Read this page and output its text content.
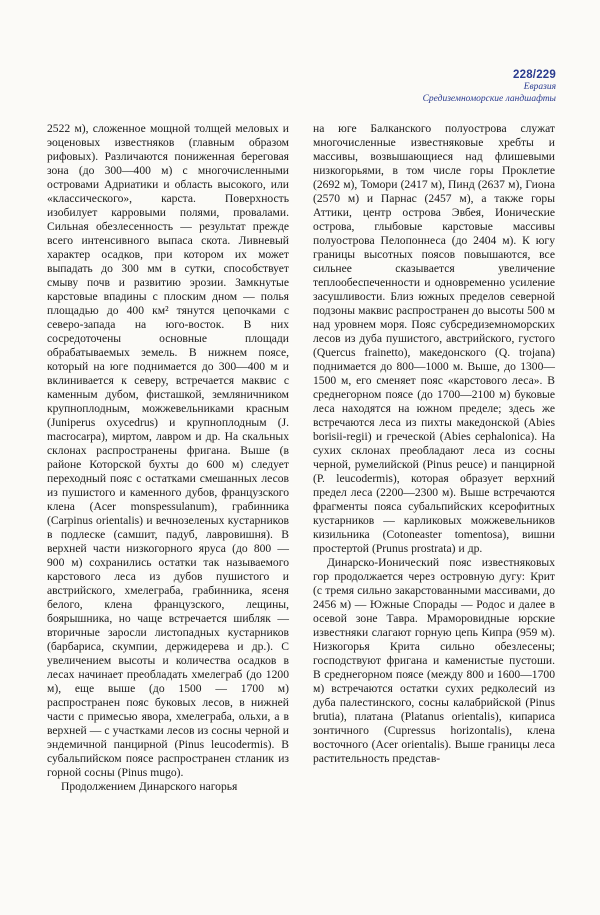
228/229
Евразия
Средиземноморские ландшафты

2522 м), сложенное мощной толщей меловых и эоценовых известняков (главным образом рифовых). Различаются пониженная береговая зона (до 300—400 м) с многочисленными островами Адриатики и область высокого, или «классического», карста. Поверхность изобилует карровыми полями, провалами. Сильная обезлесенность — результат прежде всего интенсивного выпаса скота. Ливневый характер осадков, при котором их может выпадать до 300 мм в сутки, способствует смыву почв и развитию эрозии. Замкнутые карстовые впадины с плоским дном — полья площадью до 400 км² тянутся цепочками с северо-запада на юго-восток. В них сосредоточены основные площади обрабатываемых земель. В нижнем поясе, который на юге поднимается до 300—400 м и вклинивается к северу, встречается маквис с каменным дубом, фисташкой, земляничником крупноплодным, можжевельниками красным (Juniperus oxycedrus) и крупноплодным (J. macrocarpa), миртом, лавром и др. На скальных склонах распространены фригана. Выше (в районе Которской бухты до 600 м) следует переходный пояс с остатками смешанных лесов из пушистого и каменного дубов, французского клена (Acer monspessulanum), грабинника (Carpinus orientalis) и вечнозеленых кустарников в подлеске (самшит, падуб, лавровишня). В верхней части низкогорного яруса (до 800 — 900 м) сохранились остатки так называемого карстового леса из дубов пушистого и австрийского, хмелеграба, грабинника, ясеня белого, клена французского, лещины, боярышника, но чаще встречается шибляк — вторичные заросли листопадных кустарников (барбариса, скумпии, держидерева и др.). С увеличением высоты и количества осадков в лесах начинает преобладать хмелеграб (до 1200 м), еще выше (до 1500 — 1700 м) распространен пояс буковых лесов, в нижней части с примесью явора, хмелеграба, ольхи, а в верхней — с участками лесов из сосны черной и эндемичной панцирной (Pinus leucodermis). В субальпийском поясе распространен стланик из горной сосны (Pinus mugo).

Продолжением Динарского нагорья

на юге Балканского полуострова служат многочисленные известняковые хребты и массивы, возвышающиеся над флишевыми низкогорьями, в том числе горы Проклетие (2692 м), Томори (2417 м), Пинд (2637 м), Гиона (2570 м) и Парнас (2457 м), а также горы Аттики, центр острова Эвбея, Ионические острова, глыбовые карстовые массивы полуострова Пелопоннеса (до 2404 м). К югу границы высотных поясов повышаются, все сильнее сказывается увеличение теплообеспеченности и одновременно усиление засушливости. Близ южных пределов северной подзоны маквис распространен до высоты 500 м над уровнем моря. Пояс субсредиземноморских лесов из дуба пушистого, австрийского, густого (Quercus frainetto), македонского (Q. trojana) поднимается до 800—1000 м. Выше, до 1300—1500 м, его сменяет пояс «карстового леса». В среднегорном поясе (до 1700—2100 м) буковые леса находятся на южном пределе; здесь же встречаются леса из пихты македонской (Abies borisii-regii) и греческой (Abies cephalonica). На сухих склонах преобладают леса из сосны черной, румелийской (Pinus peuce) и панцирной (P. leucodermis), которая образует верхний предел леса (2200—2300 м). Выше встречаются фрагменты пояса субальпийских ксерофитных кустарников — карликовых можжевельников кизильника (Cotoneaster tomentosa), вишни простертой (Prunus prostrata) и др.

Динарско-Ионический пояс известняковых гор продолжается через островную дугу: Крит (с тремя сильно закарстованными массивами, до 2456 м) — Южные Спорады — Родос и далее в осевой зоне Тавра. Мраморовидные юрские известняки слагают горную цепь Кипра (959 м). Низкогорья Крита сильно обезлесены; господствуют фригана и каменистые пустоши. В среднегорном поясе (между 800 и 1600—1700 м) встречаются остатки сухих редколесий из дуба палестинского, сосны калабрийской (Pinus brutia), платана (Platanus orientalis), кипариса зонтичного (Cupressus horizontalis), клена восточного (Acer orientalis). Выше границы леса растительность представ-
